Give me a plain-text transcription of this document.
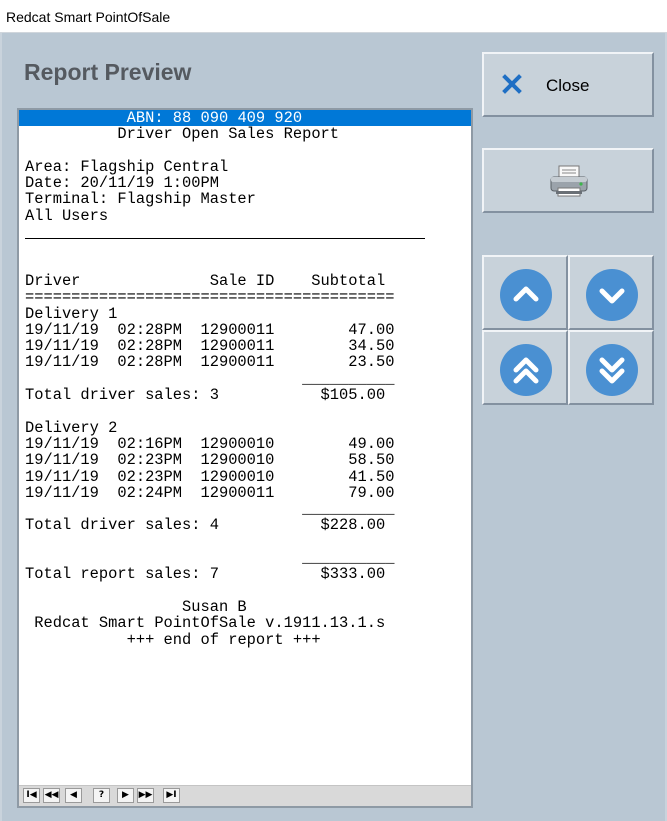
Redcat Smart PointOfSale
Report Preview
ABN: 88 090 409 920
Driver Open Sales Report

Area: Flagship Central
Date: 20/11/19 1:00PM
Terminal: Flagship Master
All Users

Driver              Sale ID    Subtotal
========================================
Delivery 1
19/11/19  02:28PM  12900011        47.00
19/11/19  02:28PM  12900011        34.50
19/11/19  02:28PM  12900011        23.50
__________
Total driver sales: 3           $105.00

Delivery 2
19/11/19  02:16PM  12900010        49.00
19/11/19  02:23PM  12900010        58.50
19/11/19  02:23PM  12900010        41.50
19/11/19  02:24PM  12900011        79.00
__________
Total driver sales: 4           $228.00

__________
Total report sales: 7           $333.00

Susan B
Redcat Smart PointOfSale v.1911.13.1.s
+++ end of report +++
I◀ ◀◀	◀	?	▶	▶▶	▶I
Close
